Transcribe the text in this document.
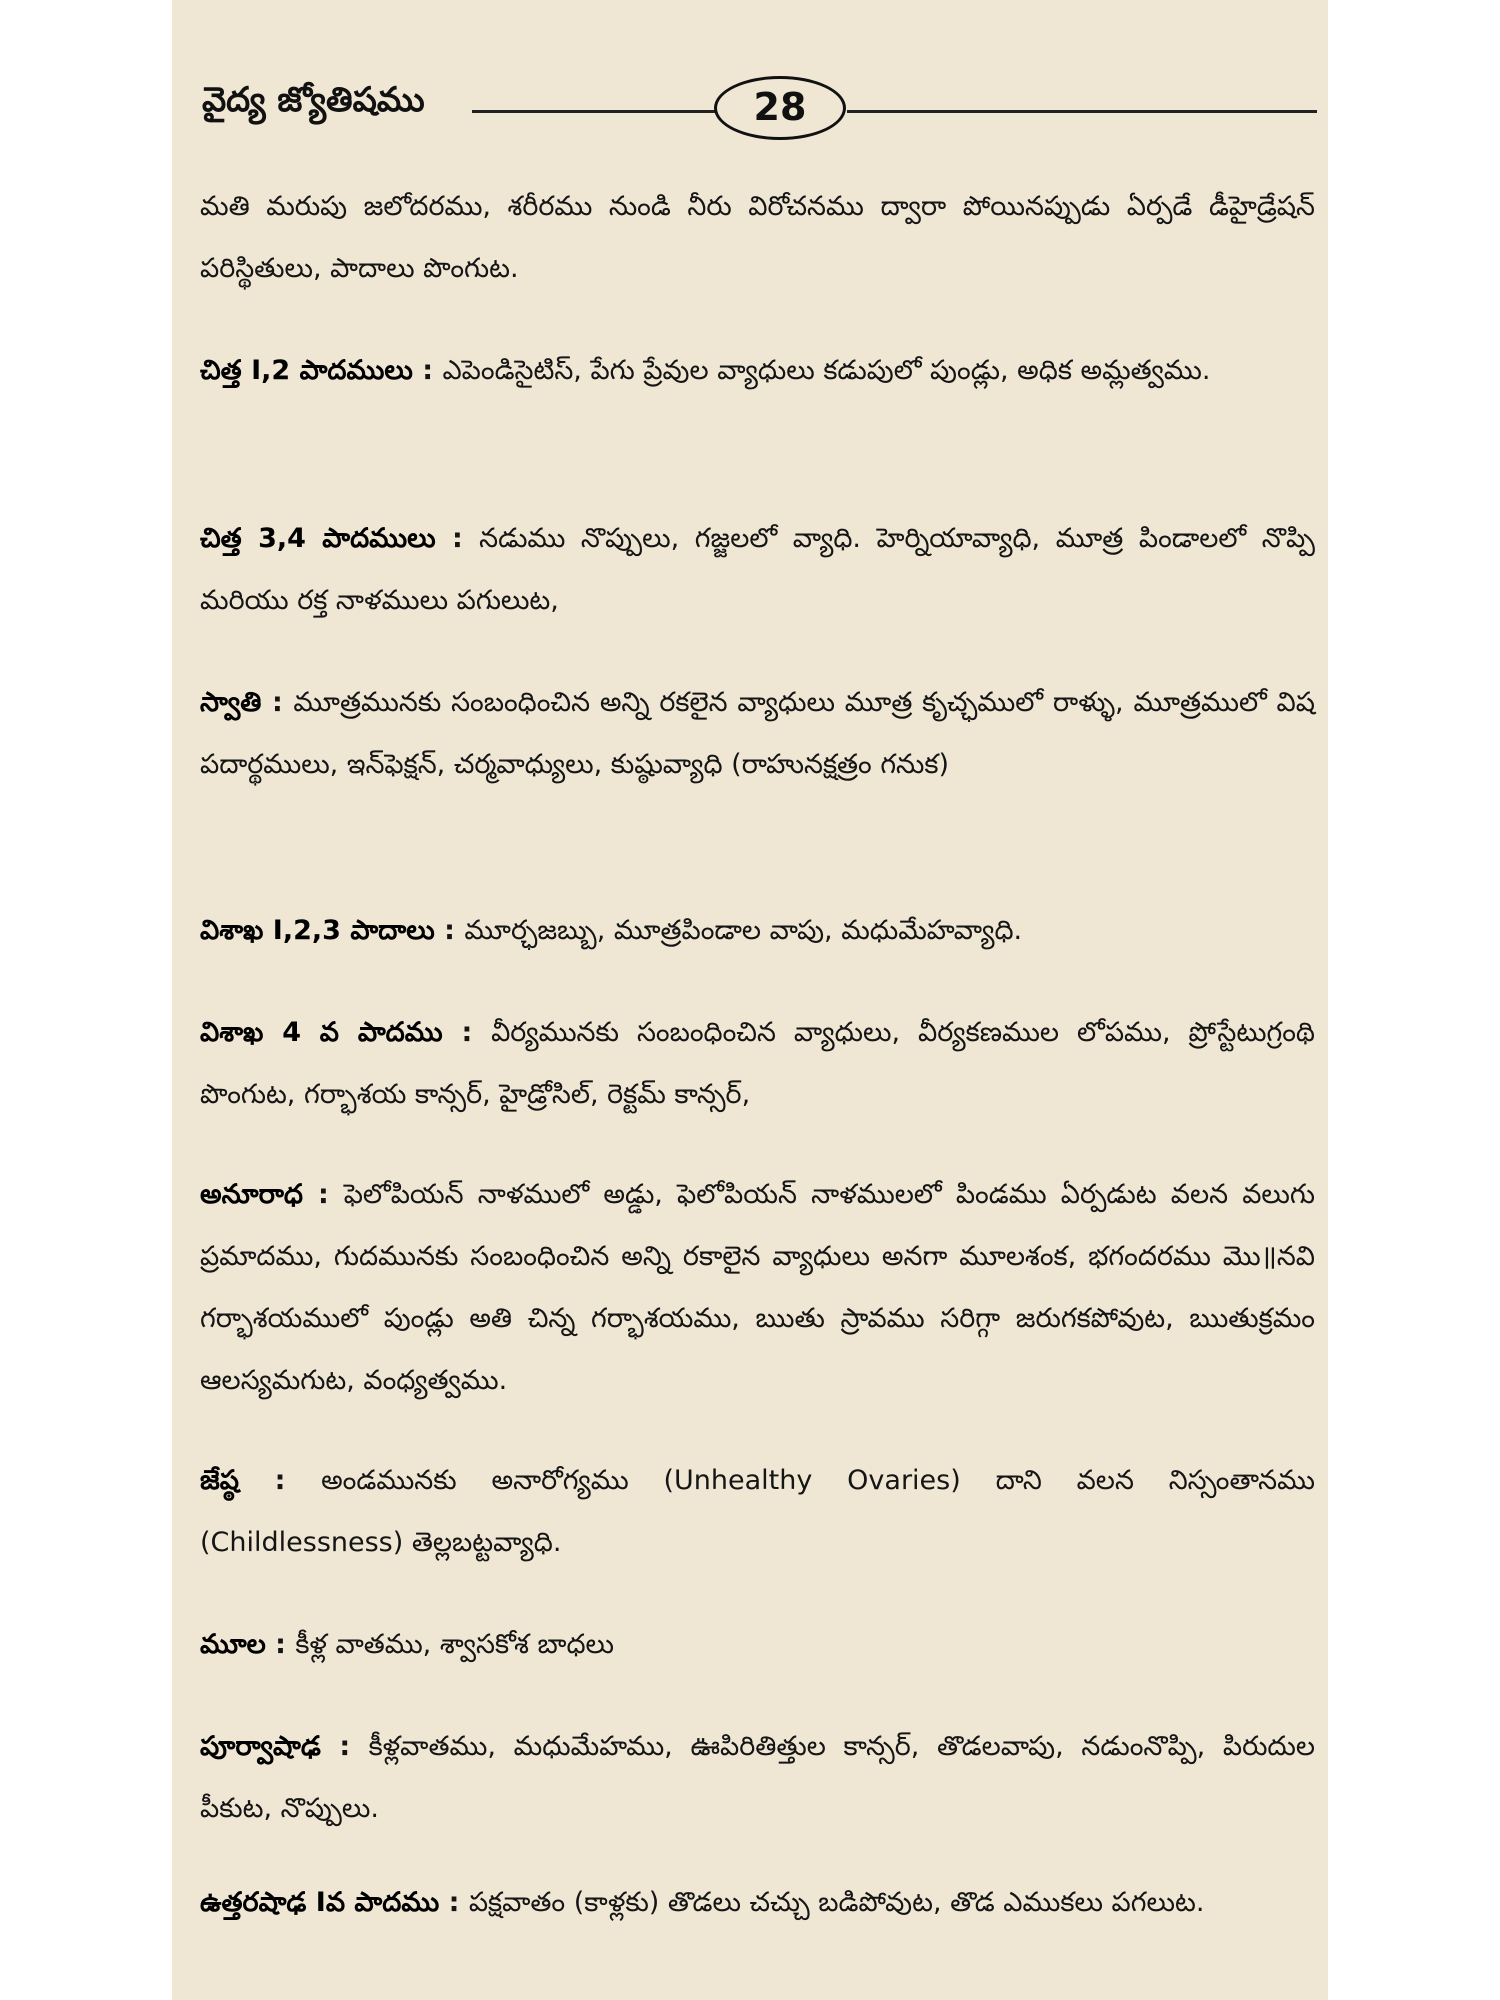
వైద్య జ్యోతిషము	28

మతి మరుపు జలోదరము, శరీరము నుండి నీరు విరోచనము ద్వారా పోయినప్పుడు ఏర్పడే డీహైడ్రేషన్ పరిస్థితులు, పాదాలు పొంగుట.

చిత్త I,2 పాదములు : ఎపెండిసైటిస్, పేగు ప్రేవుల వ్యాధులు కడుపులో పుండ్లు, అధిక అమ్లత్వము.

చిత్త 3,4 పాదములు : నడుము నొప్పులు, గజ్జలలో వ్యాధి. హెర్నియావ్యాధి, మూత్ర పిండాలలో నొప్పి మరియు రక్త నాళములు పగులుట,

స్వాతి : మూత్రమునకు సంబంధించిన అన్ని రకలైన వ్యాధులు మూత్ర కృచ్ఛములో రాళ్ళు, మూత్రములో విష పదార్థములు, ఇన్‌ఫెక్షన్, చర్మవాధ్యులు, కుష్ఠువ్యాధి (రాహునక్షత్రం గనుక)

విశాఖ I,2,3 పాదాలు : మూర్ఛజబ్బు, మూత్రపిండాల వాపు, మధుమేహవ్యాధి.

విశాఖ 4 వ పాదము : వీర్యమునకు సంబంధించిన వ్యాధులు, వీర్యకణముల లోపము, ప్రోస్టేటుగ్రంథి పొంగుట, గర్భాశయ కాన్సర్, హైడ్రోసిల్, రెక్టమ్ కాన్సర్,

అనూరాధ : ఫెలోపియన్ నాళములో అడ్డు, ఫెలోపియన్ నాళములలో పిండము ఏర్పడుట వలన వలుగు ప్రమాదము, గుదమునకు సంబంధించిన అన్ని రకాలైన వ్యాధులు అనగా మూలశంక, భగందరము మొ॥నవి గర్భాశయములో పుండ్లు అతి చిన్న గర్భాశయము, ఋతు స్రావము సరిగ్గా జరుగకపోవుట, ఋతుక్రమం ఆలస్యమగుట, వంధ్యత్వము.

జేష్ఠ : అండమునకు అనారోగ్యము (Unhealthy Ovaries) దాని వలన నిస్సంతానము (Childlessness) తెల్లబట్టవ్యాధి.

మూల : కీళ్ల వాతము, శ్వాసకోశ బాధలు

పూర్వాషాఢ : కీళ్లవాతము, మధుమేహము, ఊపిరితిత్తుల కాన్సర్, తొడలవాపు, నడుంనొప్పి, పిరుదుల పీకుట, నొప్పులు.

ఉత్తరషాఢ Iవ పాదము : పక్షవాతం (కాళ్లకు) తొడలు చచ్చు బడిపోవుట, తొడ ఎముకలు పగలుట.
